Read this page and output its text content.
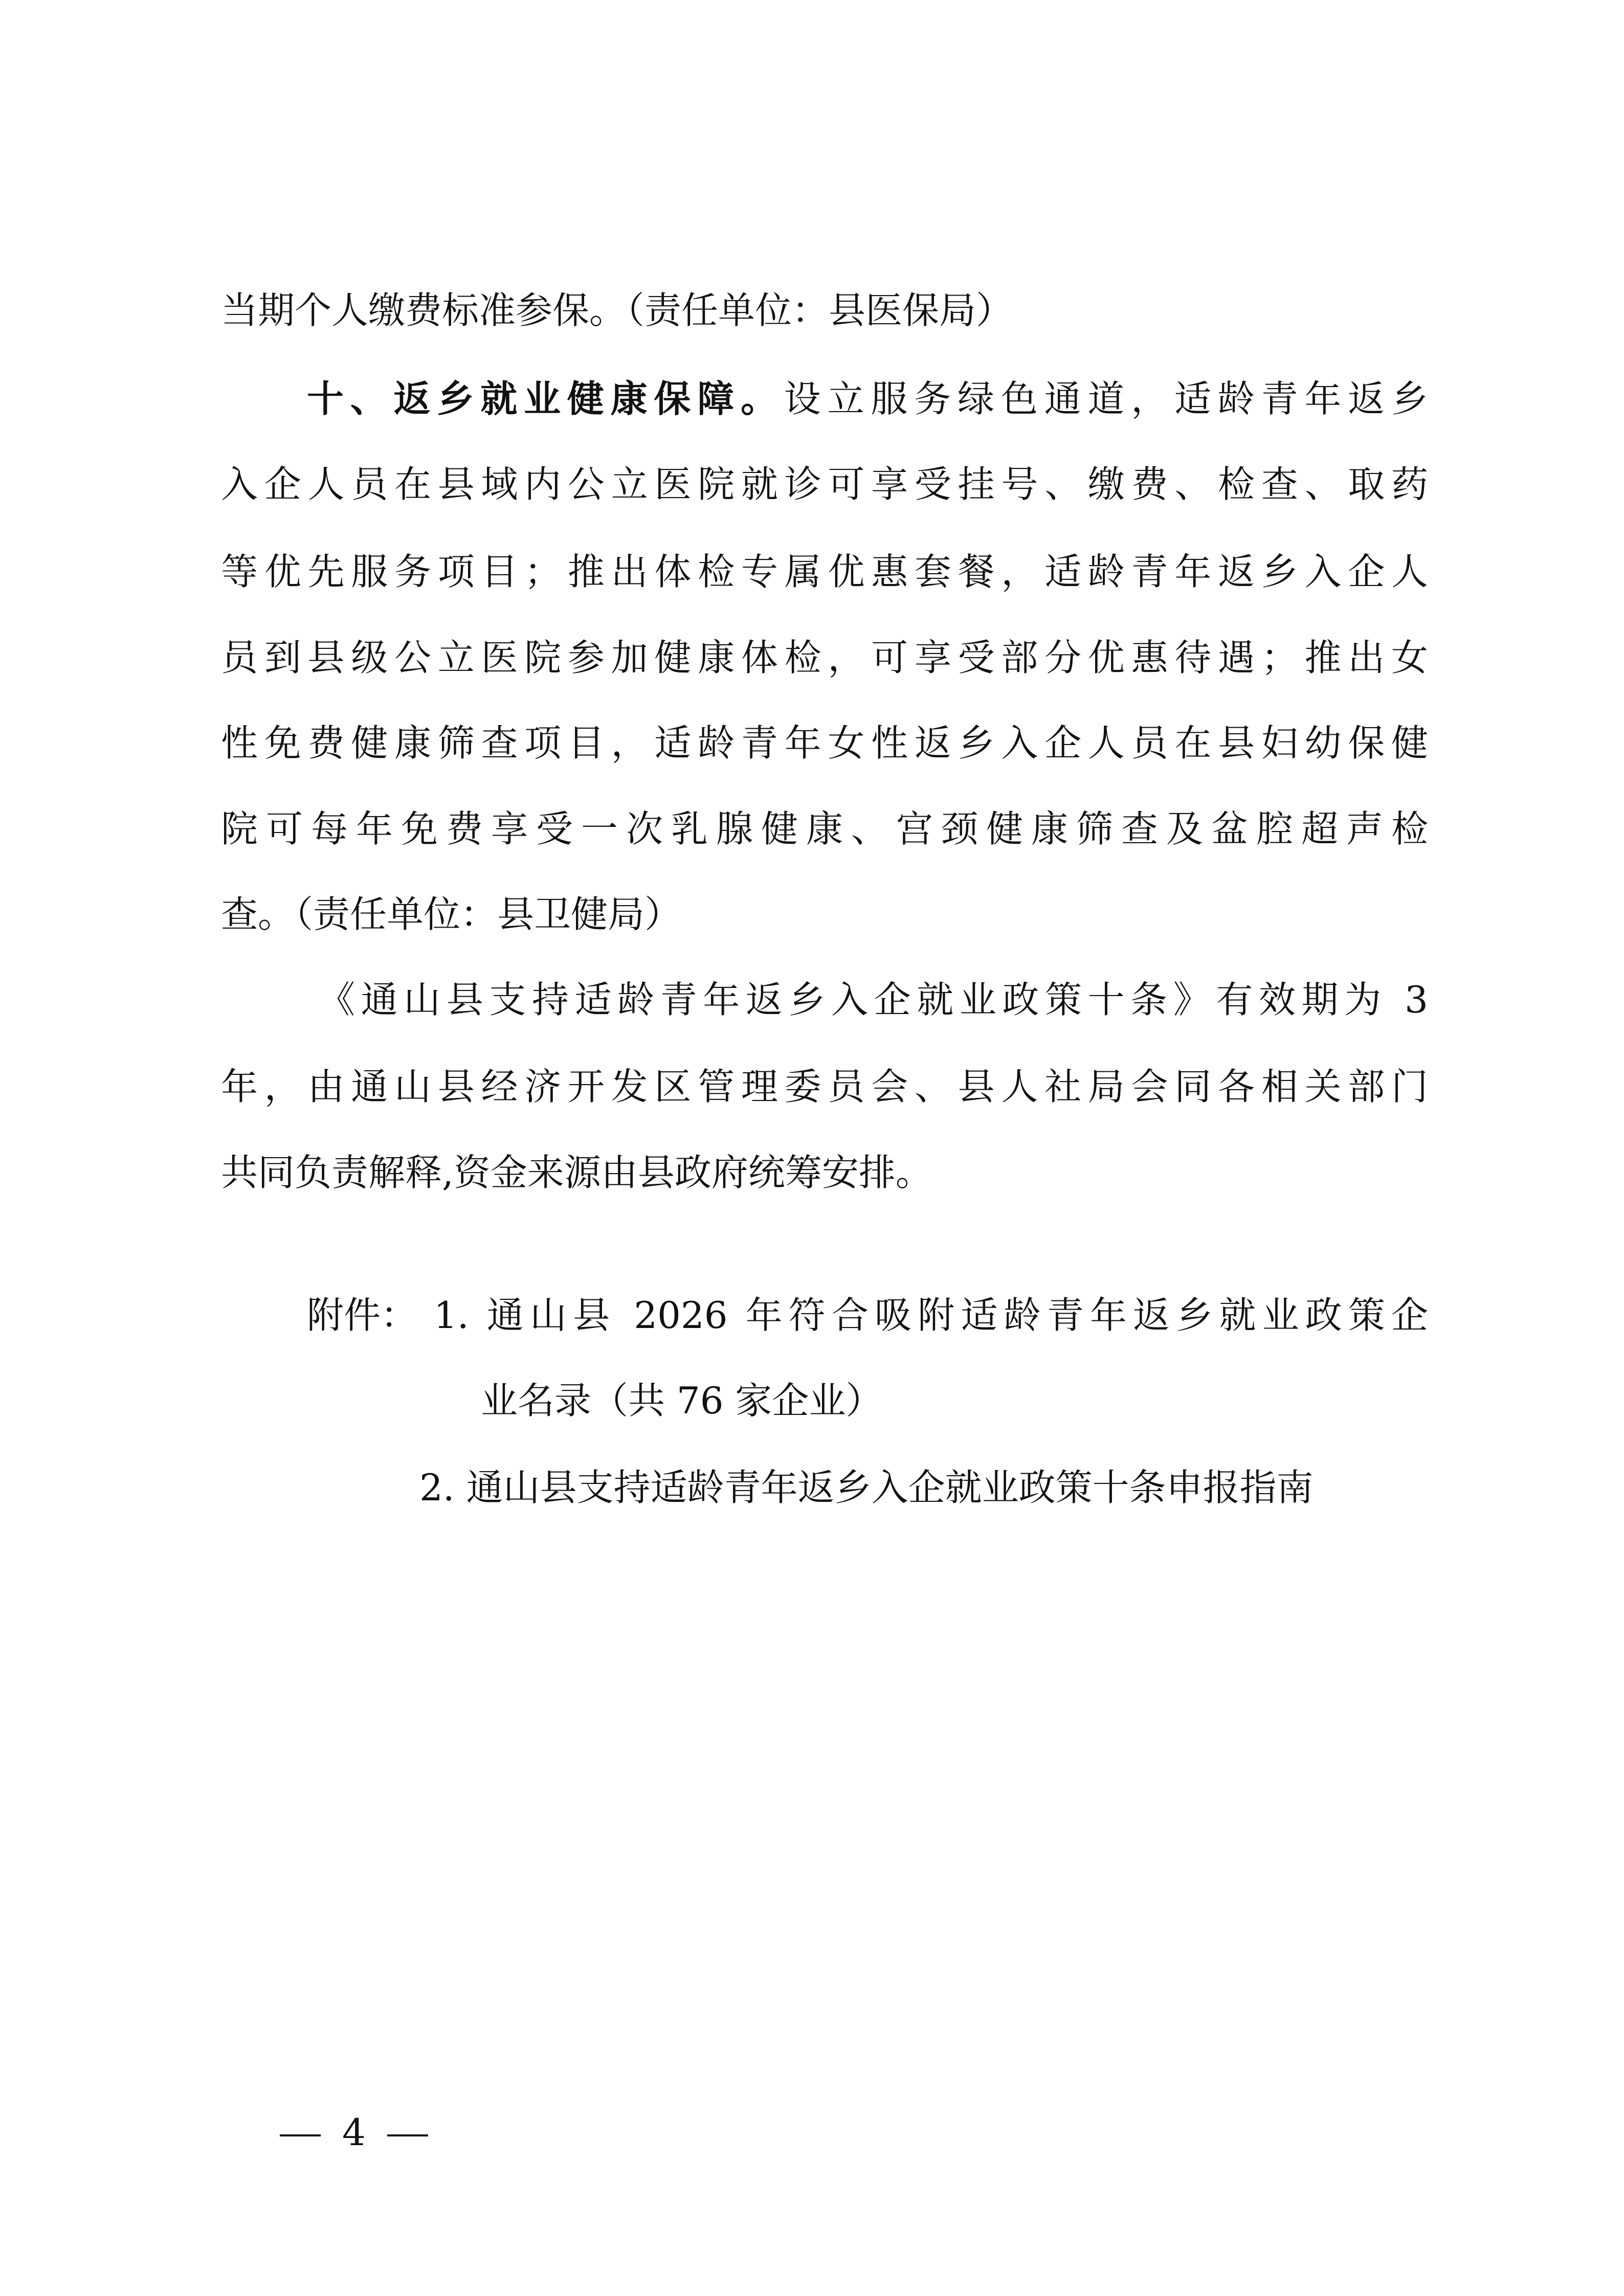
当期个人缴费标准参保。（责任单位：县医保局）
十、返乡就业健康保障。设立服务绿色通道，适龄青年返乡
入企人员在县域内公立医院就诊可享受挂号、缴费、检查、取药
等优先服务项目；推出体检专属优惠套餐，适龄青年返乡入企人
员到县级公立医院参加健康体检，可享受部分优惠待遇；推出女
性免费健康筛查项目，适龄青年女性返乡入企人员在县妇幼保健
院可每年免费享受一次乳腺健康、宫颈健康筛查及盆腔超声检
查。（责任单位：县卫健局）
《通山县支持适龄青年返乡入企就业政策十条》有效期为 3
年，由通山县经济开发区管理委员会、县人社局会同各相关部门
共同负责解释,资金来源由县政府统筹安排。
附件： 1. 通山县 2026 年符合吸附适龄青年返乡就业政策企
业名录（共 76 家企业）
2. 通山县支持适龄青年返乡入企就业政策十条申报指南
4
